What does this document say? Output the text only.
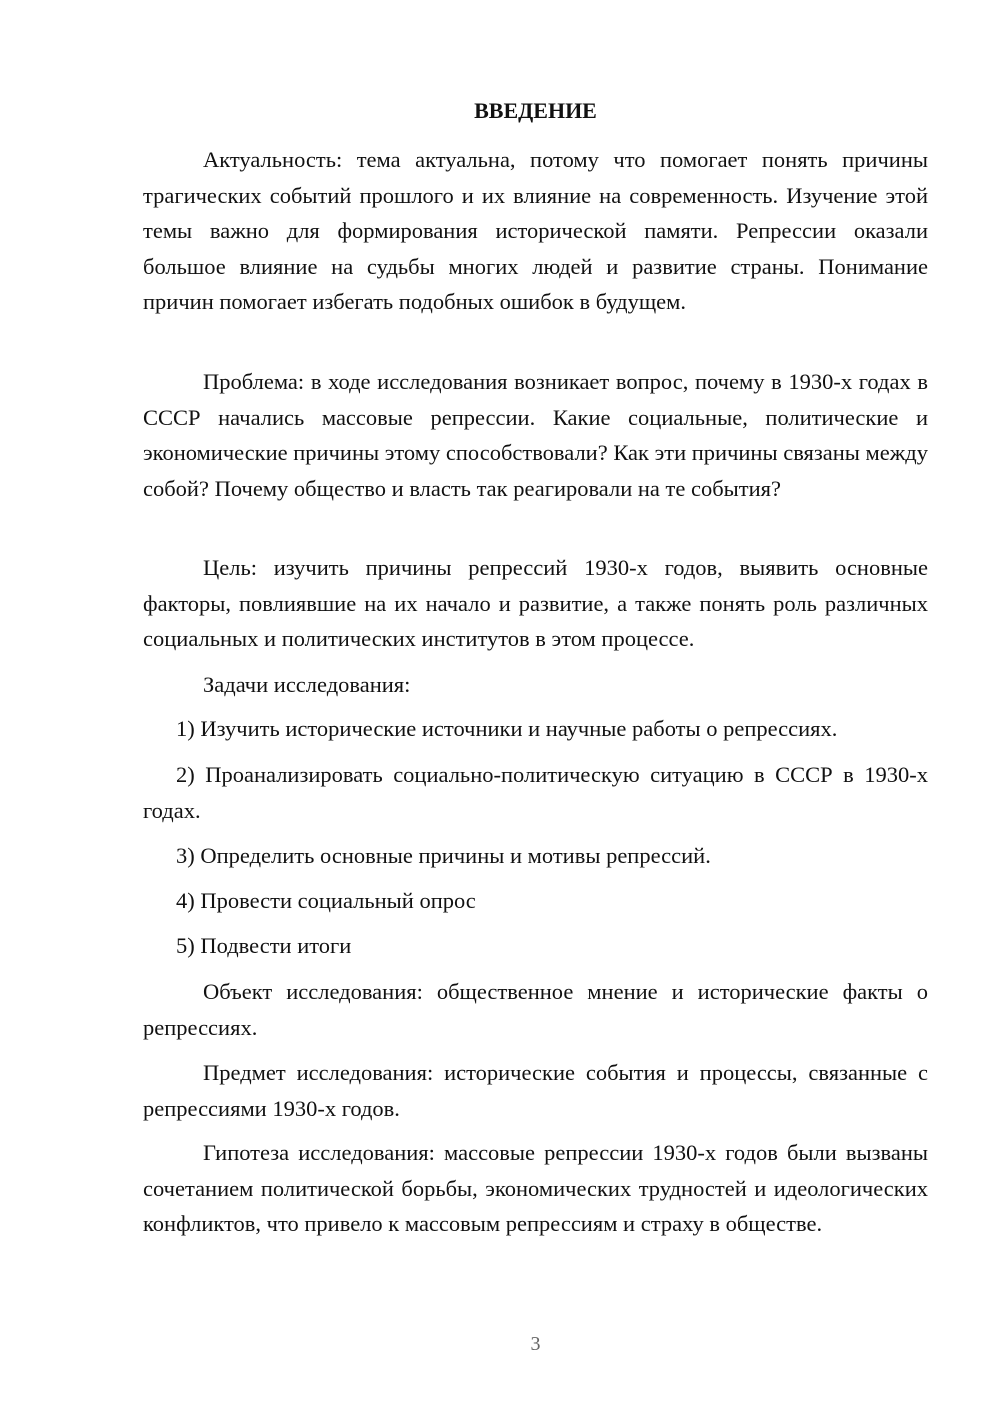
ВВЕДЕНИЕ

Актуальность: тема актуальна, потому что помогает понять причины трагических событий прошлого и их влияние на современность. Изучение этой темы важно для формирования исторической памяти. Репрессии оказали большое влияние на судьбы многих людей и развитие страны. Понимание причин помогает избегать подобных ошибок в будущем.

Проблема: в ходе исследования возникает вопрос, почему в 1930-х годах в СССР начались массовые репрессии. Какие социальные, политические и экономические причины этому способствовали? Как эти причины связаны между собой? Почему общество и власть так реагировали на те события?

Цель: изучить причины репрессий 1930-х годов, выявить основные факторы, повлиявшие на их начало и развитие, а также понять роль различных социальных и политических институтов в этом процессе.

Задачи исследования:

1) Изучить исторические источники и научные работы о репрессиях.

2) Проанализировать социально-политическую ситуацию в СССР в 1930-х годах.

3) Определить основные причины и мотивы репрессий.

4) Провести социальный опрос

5) Подвести итоги

Объект исследования: общественное мнение и исторические факты о репрессиях.

Предмет исследования: исторические события и процессы, связанные с репрессиями 1930-х годов.

Гипотеза исследования: массовые репрессии 1930-х годов были вызваны сочетанием политической борьбы, экономических трудностей и идеологических конфликтов, что привело к массовым репрессиям и страху в обществе.

3
